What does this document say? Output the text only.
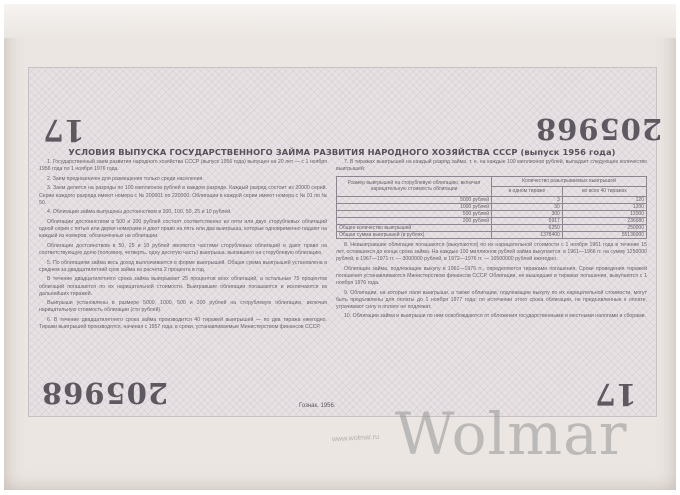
17	205968
УСЛОВИЯ ВЫПУСКА ГОСУДАРСТВЕННОГО ЗАЙМА РАЗВИТИЯ НАРОДНОГО ХОЗЯЙСТВА СССР (выпуск 1956 года)

1. Государственный заем развития народного хозяйства СССР (выпуск 1956 года) выпущен на 20 лет — с 1 ноября 1956 года по 1 ноября 1976 года.

2. Заем предназначен для размещения только среди населения.

3. Заем делится на разряды по 100 миллионов рублей в каждом разряде. Каждый разряд состоит из 20000 серий. Серии каждого разряда имеют номера с № 200001 по 220000. Облигации в каждой серии имеют номера с № 01 по № 50.

4. Облигации займа выпущены достоинством в 200, 100, 50, 25 и 10 рублей.

Облигации достоинством в 500 и 200 рублей состоят соответственно из пяти или двух сторублевых облигаций одной серии с пятью или двумя номерами и дают право на пять или два выигрыша, которые одновременно падают на каждый из номеров, обозначенных на облигации.

Облигации достоинством в 50, 25 и 10 рублей являются частями сторублевых облигаций и дают право на соответствующую долю (половину, четверть, одну десятую часть) выигрыша, выпавшего на сторублевую облигацию.

5. По облигациям займа весь доход выплачивается в форме выигрышей. Общая сумма выигрышей установлена в среднем за двадцатилетний срок займа из расчета 2 процента в год.

В течение двадцатилетнего срока займа выигрывает 25 процентов всех облигаций, а остальные 75 процентов облигаций погашаются по их нарицательной стоимости. Выигравшие облигации погашаются и исключаются из дальнейших тиражей.

Выигрыши установлены в размере 5000, 1000, 500 и 200 рублей на сторублевую облигацию, включая нарицательную стоимость облигации (сто рублей).

6. В течение двадцатилетнего срока займа производится 40 тиражей выигрышей — по два тиража ежегодно. Тиражи выигрышей производятся, начиная с 1957 года, в сроки, устанавливаемые Министерством финансов СССР.

7. В тиражах выигрышей на каждый разряд займа, т. е. на каждые 100 миллионов рублей, выпадает следующее количество выигрышей:

Размер выигрышей на сторублевую облигацию, включая нарицательную стоимость облигации	Количество разыгрываемых выигрышей	
	в одном тираже	во всех 40 тиражах
5000 рублей	3	120
1000 рублей	30	1200
500 рублей	300	12000
200 рублей	5917	236680
Общее количество выигрышей	6250	250000
Общая сумма выигрышей (в рублях)	1378400	55136000

8. Невыигравшие облигации погашаются (выкупаются) по их нарицательной стоимости с 1 ноября 1961 года в течение 15 лет, оставшихся до конца срока займа. На каждые 100 миллионов рублей займа выкупается: в 1961—1966 гг. на сумму 1250000 рублей, в 1967—1971 гг. — 3000000 рублей, в 1972—1976 гг. — 10500000 рублей ежегодно.

Облигации займа, подлежащие выкупу в 1961—1976 гг., определяются тиражами погашения. Сроки проведения тиражей погашения устанавливаются Министерством финансов СССР. Облигации, не вышедшие в тиражах погашения, выкупаются с 1 ноября 1976 года.

9. Облигации, на которые пали выигрыши, а также облигации, подлежащие выкупу по их нарицательной стоимости, могут быть предъявлены для оплаты до 1 ноября 1977 года; по истечении этого срока облигации, не предъявленные к оплате, утрачивают силу и оплате не подлежат.

10. Облигации займа и выигрыши по ним освобождаются от обложения государственными и местными налогами и сборами.

Гознак. 1956.
205968	17
Wolmar
www.wolmar.ru
